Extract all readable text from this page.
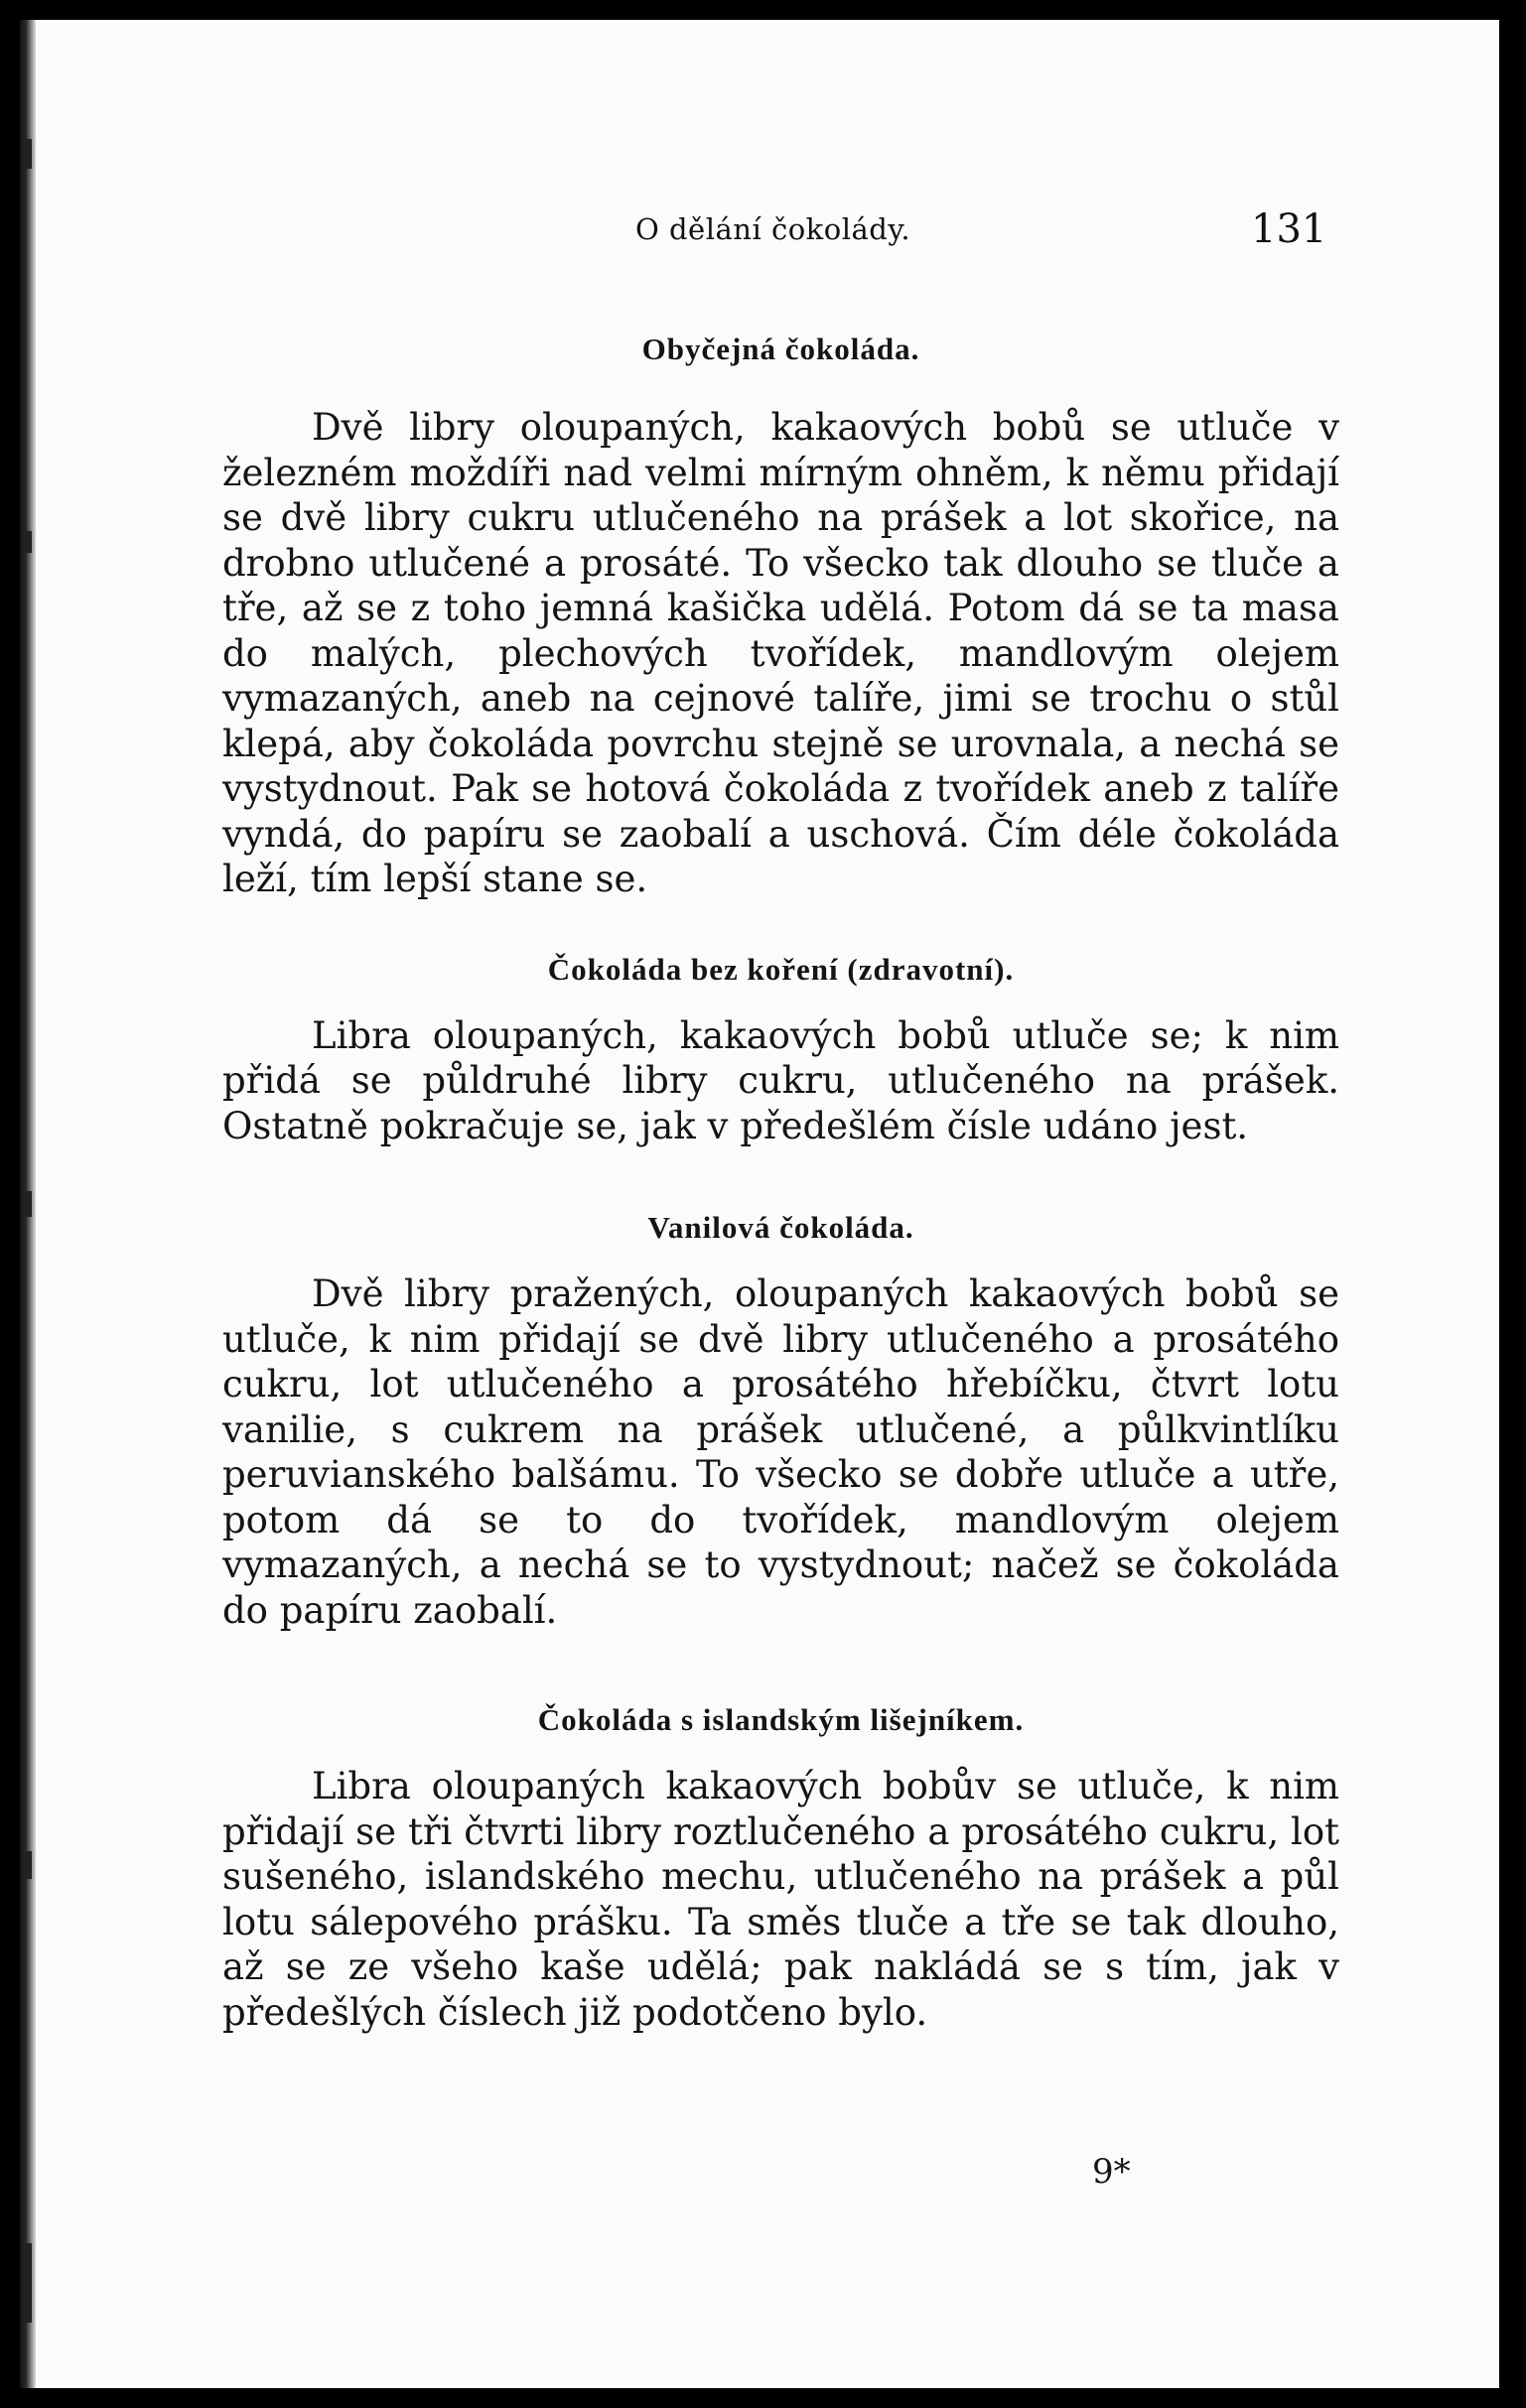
O dělání čokolády.	131
Obyčejná čokoláda.

Dvě libry oloupaných, kakaových bobů se utluče v železném moždíři nad velmi mírným ohněm, k němu přidají se dvě libry cukru utlučeného na prášek a lot skořice, na drobno utlučené a prosáté. To všecko tak dlouho se tluče a tře, až se z toho jemná kašička udělá. Potom dá se ta masa do malých, plechových tvořídek, mandlovým olejem vymazaných, aneb na cejnové talíře, jimi se trochu o stůl klepá, aby čokoláda povrchu stejně se urovnala, a nechá se vystydnout. Pak se hotová čokoláda z tvořídek aneb z talíře vyndá, do papíru se zaobalí a uschová. Čím déle čokoláda leží, tím lepší stane se.

Čokoláda bez koření (zdravotní).

Libra oloupaných, kakaových bobů utluče se; k nim přidá se půldruhé libry cukru, utlučeného na prášek. Ostatně pokračuje se, jak v předešlém čísle udáno jest.

Vanilová čokoláda.

Dvě libry pražených, oloupaných kakaových bobů se utluče, k nim přidají se dvě libry utlučeného a prosátého cukru, lot utlučeného a prosátého hřebíčku, čtvrt lotu vanilie, s cukrem na prášek utlučené, a půlkvintlíku peruvianského balšámu. To všecko se dobře utluče a utře, potom dá se to do tvořídek, mandlovým olejem vymazaných, a nechá se to vystydnout; načež se čokoláda do papíru zaobalí.

Čokoláda s islandským lišejníkem.

Libra oloupaných kakaových bobův se utluče, k nim přidají se tři čtvrti libry roztlučeného a prosátého cukru, lot sušeného, islandského mechu, utlučeného na prášek a půl lotu sálepového prášku. Ta směs tluče a tře se tak dlouho, až se ze všeho kaše udělá; pak nakládá se s tím, jak v předešlých číslech již podotčeno bylo.

9*
